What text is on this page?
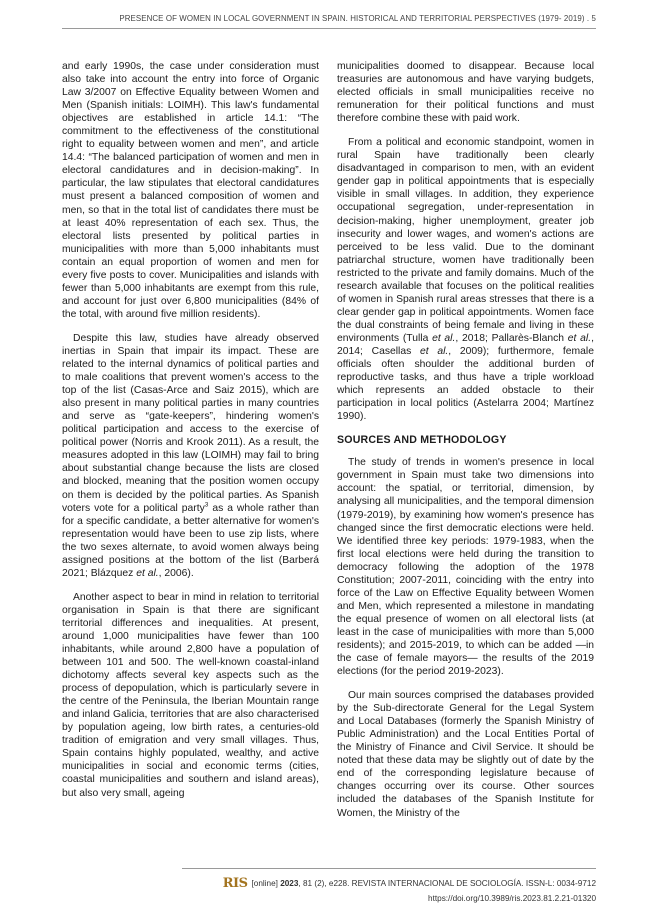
PRESENCE OF WOMEN IN LOCAL GOVERNMENT IN SPAIN. HISTORICAL AND TERRITORIAL PERSPECTIVES (1979- 2019) . 5

and early 1990s, the case under consideration must also take into account the entry into force of Organic Law 3/2007 on Effective Equality between Women and Men (Spanish initials: LOIMH). This law's fundamental objectives are established in article 14.1: “The commitment to the effectiveness of the constitutional right to equality between women and men”, and article 14.4: “The balanced participation of women and men in electoral candidatures and in decision-making”. In particular, the law stipulates that electoral candidatures must present a balanced composition of women and men, so that in the total list of candidates there must be at least 40% representation of each sex. Thus, the electoral lists presented by political parties in municipalities with more than 5,000 inhabitants must contain an equal proportion of women and men for every five posts to cover. Municipalities and islands with fewer than 5,000 inhabitants are exempt from this rule, and account for just over 6,800 municipalities (84% of the total, with around five million residents).

Despite this law, studies have already observed inertias in Spain that impair its impact. These are related to the internal dynamics of political parties and to male coalitions that prevent women's access to the top of the list (Casas-Arce and Saiz 2015), which are also present in many political parties in many countries and serve as “gate-keepers”, hindering women's political participation and access to the exercise of political power (Norris and Krook 2011). As a result, the measures adopted in this law (LOIMH) may fail to bring about substantial change because the lists are closed and blocked, meaning that the position women occupy on them is decided by the political parties. As Spanish voters vote for a political party$^3$ as a whole rather than for a specific candidate, a better alternative for women's representation would have been to use zip lists, where the two sexes alternate, to avoid women always being assigned positions at the bottom of the list (Barberá 2021; Blázquez et al., 2006).

Another aspect to bear in mind in relation to territorial organisation in Spain is that there are significant territorial differences and inequalities. At present, around 1,000 municipalities have fewer than 100 inhabitants, while around 2,800 have a population of between 101 and 500. The well-known coastal-inland dichotomy affects several key aspects such as the process of depopulation, which is particularly severe in the centre of the Peninsula, the Iberian Mountain range and inland Galicia, territories that are also characterised by population ageing, low birth rates, a centuries-old tradition of emigration and very small villages. Thus, Spain contains highly populated, wealthy, and active municipalities in social and economic terms (cities, coastal municipalities and southern and island areas), but also very small, ageing

municipalities doomed to disappear. Because local treasuries are autonomous and have varying budgets, elected officials in small municipalities receive no remuneration for their political functions and must therefore combine these with paid work.

From a political and economic standpoint, women in rural Spain have traditionally been clearly disadvantaged in comparison to men, with an evident gender gap in political appointments that is especially visible in small villages. In addition, they experience occupational segregation, under-representation in decision-making, higher unemployment, greater job insecurity and lower wages, and women's actions are perceived to be less valid. Due to the dominant patriarchal structure, women have traditionally been restricted to the private and family domains. Much of the research available that focuses on the political realities of women in Spanish rural areas stresses that there is a clear gender gap in political appointments. Women face the dual constraints of being female and living in these environments (Tulla et al., 2018; Pallarès-Blanch et al., 2014; Casellas et al., 2009); furthermore, female officials often shoulder the additional burden of reproductive tasks, and thus have a triple workload which represents an added obstacle to their participation in local politics (Astelarra 2004; Martínez 1990).

SOURCES AND METHODOLOGY

The study of trends in women's presence in local government in Spain must take two dimensions into account: the spatial, or territorial, dimension, by analysing all municipalities, and the temporal dimension (1979-2019), by examining how women's presence has changed since the first democratic elections were held. We identified three key periods: 1979-1983, when the first local elections were held during the transition to democracy following the adoption of the 1978 Constitution; 2007-2011, coinciding with the entry into force of the Law on Effective Equality between Women and Men, which represented a milestone in mandating the equal presence of women on all electoral lists (at least in the case of municipalities with more than 5,000 residents); and 2015-2019, to which can be added —in the case of female mayors— the results of the 2019 elections (for the period 2019-2023).

Our main sources comprised the databases provided by the Sub-directorate General for the Legal System and Local Databases (formerly the Spanish Ministry of Public Administration) and the Local Entities Portal of the Ministry of Finance and Civil Service. It should be noted that these data may be slightly out of date by the end of the corresponding legislature because of changes occurring over its course. Other sources included the databases of the Spanish Institute for Women, the Ministry of the

RIS [online] 2023, 81 (2), e228. REVISTA INTERNACIONAL DE SOCIOLOGÍA. ISSN-L: 0034-9712
https://doi.org/10.3989/ris.2023.81.2.21-01320
